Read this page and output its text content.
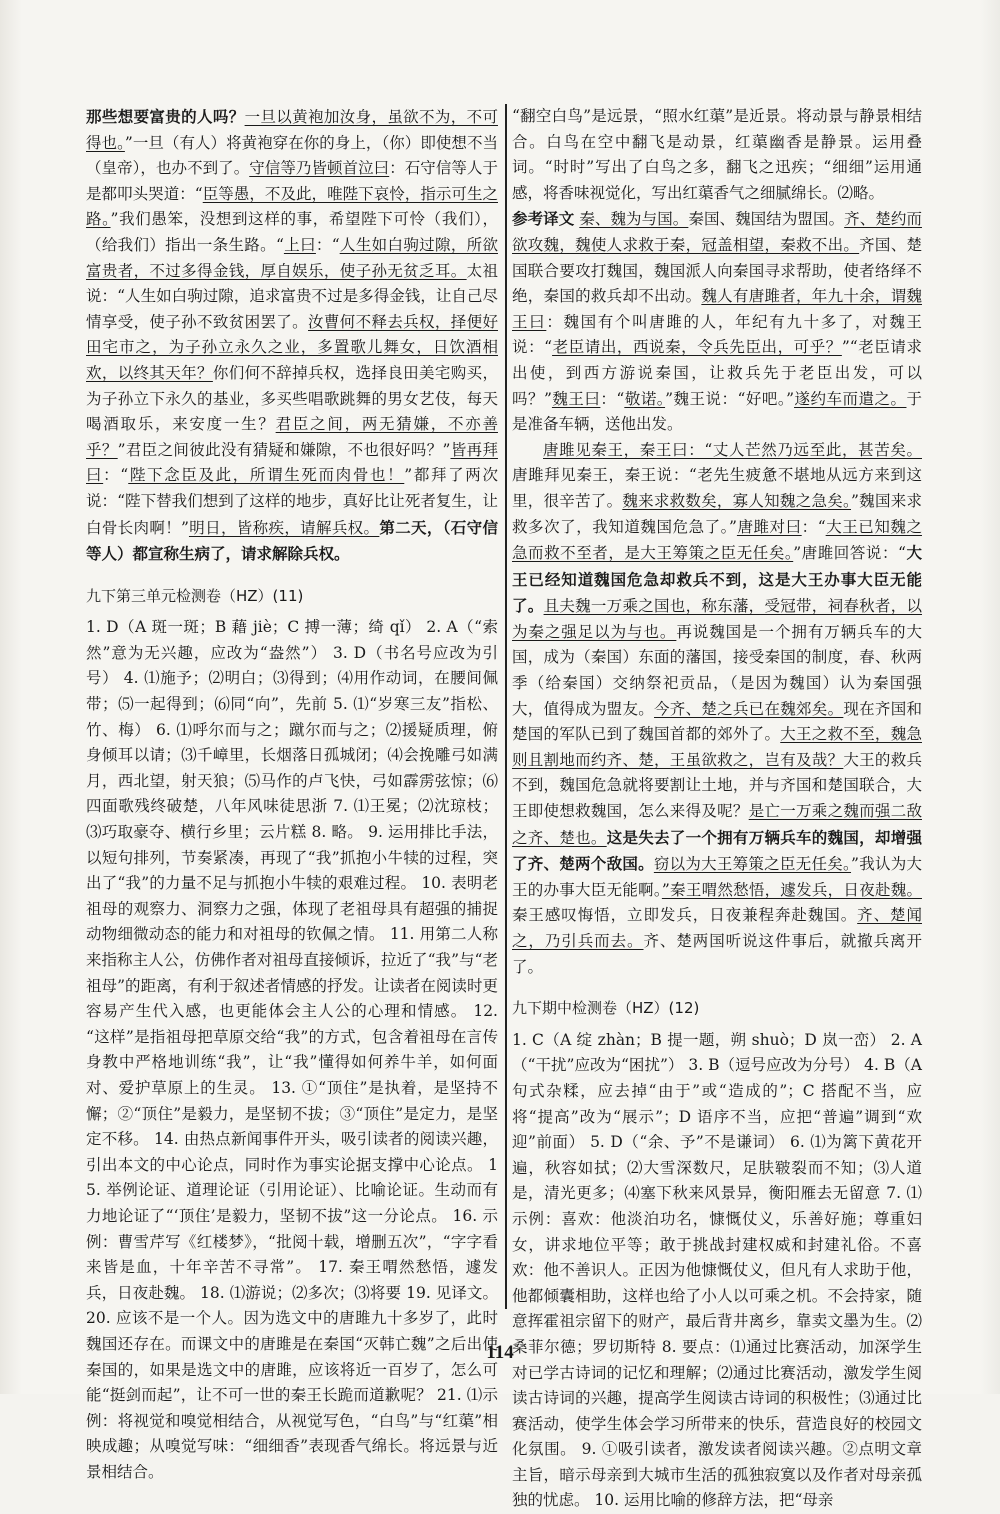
那些想要富贵的人吗？一旦以黄袍加汝身，虽欲不为，不可得也。”一旦（有人）将黄袍穿在你的身上，（你）即使想不当（皇帝），也办不到了。守信等乃皆顿首泣曰：石守信等人于是都叩头哭道：“臣等愚，不及此，唯陛下哀怜，指示可生之路。”我们愚笨，没想到这样的事，希望陛下可怜（我们），（给我们）指出一条生路。“上曰：“人生如白驹过隙，所欲富贵者，不过多得金钱，厚自娱乐，使子孙无贫乏耳。太祖说：“人生如白驹过隙，追求富贵不过是多得金钱，让自己尽情享受，使子孙不致贫困罢了。汝曹何不释去兵权，择便好田宅市之，为子孙立永久之业，多置歌儿舞女，日饮酒相欢，以终其天年？你们何不辞掉兵权，选择良田美宅购买，为子孙立下永久的基业，多买些唱歌跳舞的男女艺伎，每天喝酒取乐，来安度一生？君臣之间，两无猜嫌，不亦善乎？”君臣之间彼此没有猜疑和嫌隙，不也很好吗？”皆再拜曰：“陛下念臣及此，所谓生死而肉骨也！”都拜了两次说：“陛下替我们想到了这样的地步，真好比让死者复生，让白骨长肉啊！”明日，皆称疾，请解兵权。第二天，（石守信等人）都宣称生病了，请求解除兵权。

九下第三单元检测卷（HZ）(11)

1. D（A 斑一斑；B 藉 jiè；C 搏一薄；绮 qǐ） 2. A（“索然”意为无兴趣，应改为“盎然”） 3. D（书名号应改为引号） 4. ⑴施予；⑵明白；⑶得到；⑷用作动词，在腰间佩带；⑸一起得到；⑹同“向”，先前 5. ⑴“岁寒三友”指松、竹、梅） 6. ⑴呼尔而与之；蹴尔而与之；⑵援疑质理，俯身倾耳以请；⑶千嶂里，长烟落日孤城闭；⑷会挽雕弓如满月，西北望，射天狼；⑸马作的卢飞快，弓如霹雳弦惊；⑹四面歌残终破楚，八年风味徒思浙 7. ⑴王冕；⑵沈琼枝；⑶巧取豪夺、横行乡里；云片糕 8. 略。 9. 运用排比手法，以短句排列，节奏紧凑，再现了“我”抓抱小牛犊的过程，突出了“我”的力量不足与抓抱小牛犊的艰难过程。 10. 表明老祖母的观察力、洞察力之强，体现了老祖母具有超强的捕捉动物细微动态的能力和对祖母的钦佩之情。 11. 用第二人称来指称主人公，仿佛作者对祖母直接倾诉，拉近了“我”与“老祖母”的距离，有利于叙述者情感的抒发。让读者在阅读时更容易产生代入感，也更能体会主人公的心理和情感。 12. “这样”是指祖母把草原交给“我”的方式，包含着祖母在言传身教中严格地训练“我”，让“我”懂得如何养牛羊，如何面对、爱护草原上的生灵。 13. ①“顶住”是执着，是坚持不懈；②“顶住”是毅力，是坚韧不拔；③“顶住”是定力，是坚定不移。 14. 由热点新闻事件开头，吸引读者的阅读兴趣，引出本文的中心论点，同时作为事实论据支撑中心论点。 15. 举例论证、道理论证（引用论证）、比喻论证。生动而有力地论证了“‘顶住’是毅力，坚韧不拔”这一分论点。 16. 示例：曹雪芹写《红楼梦》，“批阅十载，增删五次”，“字字看来皆是血，十年辛苦不寻常”。 17. 秦王喟然愁悟，遽发兵，日夜赴魏。 18. ⑴游说；⑵多次；⑶将要 19. 见译文。 20. 应该不是一个人。因为选文中的唐雎九十多岁了，此时魏国还存在。而课文中的唐雎是在秦国“灭韩亡魏”之后出使秦国的，如果是选文中的唐雎，应该将近一百岁了，怎么可能“挺剑而起”，让不可一世的秦王长跪而道歉呢？ 21. ⑴示例：将视觉和嗅觉相结合，从视觉写色，“白鸟”与“红蕖”相映成趣；从嗅觉写味：“细细香”表现香气绵长。将远景与近景相结合。

“翻空白鸟”是远景，“照水红蕖”是近景。将动景与静景相结合。白鸟在空中翻飞是动景，红蕖幽香是静景。运用叠词。“时时”写出了白鸟之多，翻飞之迅疾；“细细”运用通感，将香味视觉化，写出红蕖香气之细腻绵长。⑵略。

参考译文 秦、魏为与国。秦国、魏国结为盟国。齐、楚约而欲攻魏，魏使人求救于秦，冠盖相望，秦救不出。齐国、楚国联合要攻打魏国，魏国派人向秦国寻求帮助，使者络绎不绝，秦国的救兵却不出动。魏人有唐雎者，年九十余，谓魏王曰：魏国有个叫唐雎的人，年纪有九十多了，对魏王说：“老臣请出，西说秦，令兵先臣出，可乎？”“老臣请求出使，到西方游说秦国，让救兵先于老臣出发，可以吗？”魏王曰：“敬诺。”魏王说：“好吧。”遂约车而遣之。于是准备车辆，送他出发。

唐雎见秦王，秦王曰：“丈人芒然乃远至此，甚苦矣。唐雎拜见秦王，秦王说：“老先生疲惫不堪地从远方来到这里，很辛苦了。魏来求救数矣，寡人知魏之急矣。”魏国来求救多次了，我知道魏国危急了。”唐雎对曰：“大王已知魏之急而救不至者，是大王筹策之臣无任矣。”唐雎回答说：“大王已经知道魏国危急却救兵不到，这是大王办事大臣无能了。且夫魏一万乘之国也，称东藩，受冠带，祠春秋者，以为秦之强足以为与也。再说魏国是一个拥有万辆兵车的大国，成为（秦国）东面的藩国，接受秦国的制度，春、秋两季（给秦国）交纳祭祀贡品，（是因为魏国）认为秦国强大，值得成为盟友。今齐、楚之兵已在魏郊矣。现在齐国和楚国的军队已到了魏国首都的郊外了。大王之救不至，魏急则且割地而约齐、楚，王虽欲救之，岂有及哉？大王的救兵不到，魏国危急就将要割让土地，并与齐国和楚国联合，大王即使想救魏国，怎么来得及呢？是亡一万乘之魏而强二敌之齐、楚也。这是失去了一个拥有万辆兵车的魏国，却增强了齐、楚两个敌国。窃以为大王筹策之臣无任矣。”我认为大王的办事大臣无能啊。”秦王喟然愁悟，遽发兵，日夜赴魏。秦王感叹悔悟，立即发兵，日夜兼程奔赴魏国。齐、楚闻之，乃引兵而去。齐、楚两国听说这件事后，就撤兵离开了。

九下期中检测卷（HZ）(12)

1. C（A 绽 zhàn；B 提一题，朔 shuò；D 岚一峦） 2. A（“干扰”应改为“困扰”） 3. B（逗号应改为分号） 4. B（A 句式杂糅，应去掉“由于”或“造成的”；C 搭配不当，应将“提高”改为“展示”；D 语序不当，应把“普遍”调到“欢迎”前面） 5. D（“余、予”不是谦词） 6. ⑴为篱下黄花开遍，秋容如拭；⑵大雪深数尺，足肤皲裂而不知；⑶人道是，清光更多；⑷塞下秋来风景异，衡阳雁去无留意 7. ⑴示例：喜欢：他淡泊功名，慷慨仗义，乐善好施；尊重妇女，讲求地位平等；敢于挑战封建权威和封建礼俗。不喜欢：他不善识人。正因为他慷慨仗义，但凡有人求助于他，他都倾囊相助，这样也给了小人以可乘之机。不会持家，随意挥霍祖宗留下的财产，最后背井离乡，靠卖文墨为生。⑵桑菲尔德；罗切斯特 8. 要点：⑴通过比赛活动，加深学生对已学古诗词的记忆和理解；⑵通过比赛活动，激发学生阅读古诗词的兴趣，提高学生阅读古诗词的积极性；⑶通过比赛活动，使学生体会学习所带来的快乐，营造良好的校园文化氛围。 9. ①吸引读者，激发读者阅读兴趣。②点明文章主旨，暗示母亲到大城市生活的孤独寂寞以及作者对母亲孤独的忧虑。 10. 运用比喻的修辞方法，把“母亲

114
